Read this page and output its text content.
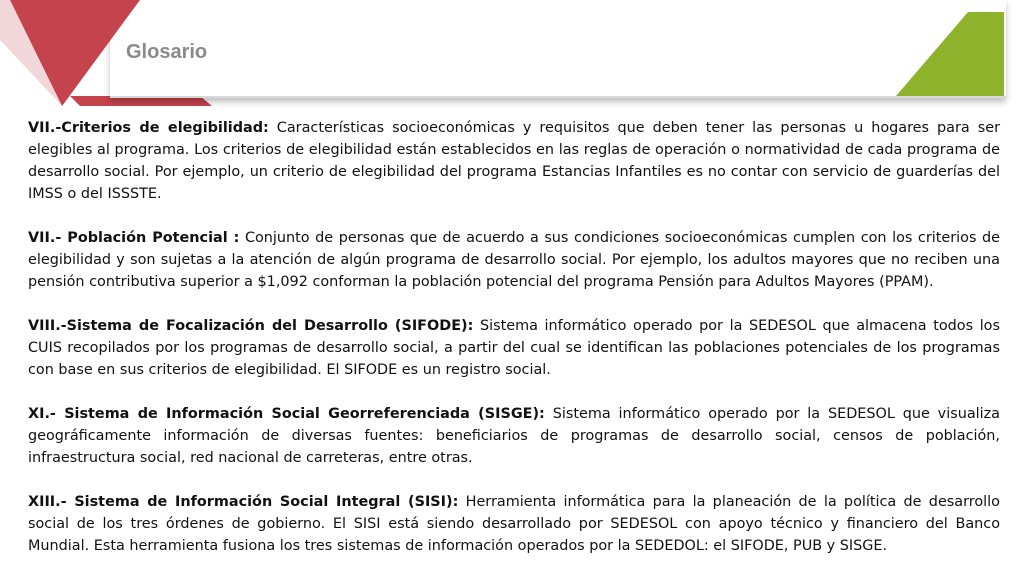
Glosario

VII.-Criterios de elegibilidad: Características socioeconómicas y requisitos que deben tener las personas u hogares para ser elegibles al programa. Los criterios de elegibilidad están establecidos en las reglas de operación o normatividad de cada programa de desarrollo social. Por ejemplo, un criterio de elegibilidad del programa Estancias Infantiles es no contar con servicio de guarderías del IMSS o del ISSSTE.

VII.- Población Potencial : Conjunto de personas que de acuerdo a sus condiciones socioeconómicas cumplen con los criterios de elegibilidad y son sujetas a la atención de algún programa de desarrollo social. Por ejemplo, los adultos mayores que no reciben una pensión contributiva superior a $1,092 conforman la población potencial del programa Pensión para Adultos Mayores (PPAM).

VIII.-Sistema de Focalización del Desarrollo (SIFODE): Sistema informático operado por la SEDESOL que almacena todos los CUIS recopilados por los programas de desarrollo social, a partir del cual se identifican las poblaciones potenciales de los programas con base en sus criterios de elegibilidad. El SIFODE es un registro social.

XI.- Sistema de Información Social Georreferenciada (SISGE): Sistema informático operado por la SEDESOL que visualiza geográficamente información de diversas fuentes: beneficiarios de programas de desarrollo social, censos de población, infraestructura social, red nacional de carreteras, entre otras.

XIII.- Sistema de Información Social Integral (SISI): Herramienta informática para la planeación de la política de desarrollo social de los tres órdenes de gobierno. El SISI está siendo desarrollado por SEDESOL con apoyo técnico y financiero del Banco Mundial. Esta herramienta fusiona los tres sistemas de información operados por la SEDEDOL: el SIFODE, PUB y SISGE.
